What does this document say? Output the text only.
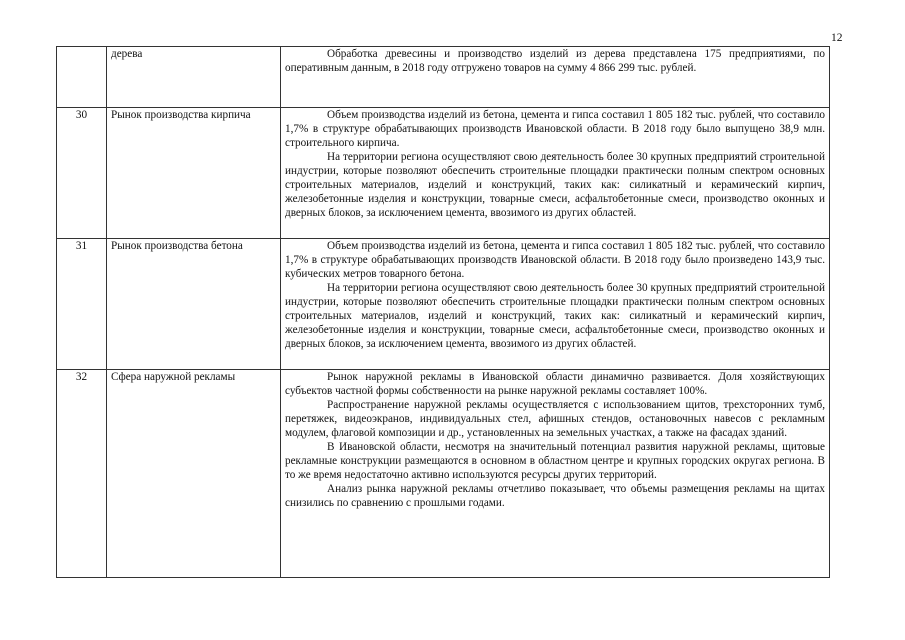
12
	дерева	Обработка древесины и производство изделий из дерева представлена 175 предприятиями, по оперативным данным, в 2018 году отгружено товаров на сумму 4 866 299 тыс. рублей.

30	Рынок производства кирпича	Объем производства изделий из бетона, цемента и гипса составил 1 805 182 тыс. рублей, что составило 1,7% в структуре обрабатывающих производств Ивановской области. В 2018 году было выпущено 38,9 млн. строительного кирпича.

На территории региона осуществляют свою деятельность более 30 крупных предприятий строительной индустрии, которые позволяют обеспечить строительные площадки практически полным спектром основных строительных материалов, изделий и конструкций, таких как: силикатный и керамический кирпич, железобетонные изделия и конструкции, товарные смеси, асфальтобетонные смеси, производство оконных и дверных блоков, за исключением цемента, ввозимого из других областей.

31	Рынок производства бетона	Объем производства изделий из бетона, цемента и гипса составил 1 805 182 тыс. рублей, что составило 1,7% в структуре обрабатывающих производств Ивановской области. В 2018 году было произведено 143,9 тыс. кубических метров товарного бетона.

На территории региона осуществляют свою деятельность более 30 крупных предприятий строительной индустрии, которые позволяют обеспечить строительные площадки практически полным спектром основных строительных материалов, изделий и конструкций, таких как: силикатный и керамический кирпич, железобетонные изделия и конструкции, товарные смеси, асфальтобетонные смеси, производство оконных и дверных блоков, за исключением цемента, ввозимого из других областей.

32	Сфера наружной рекламы	Рынок наружной рекламы в Ивановской области динамично развивается. Доля хозяйствующих субъектов частной формы собственности на рынке наружной рекламы составляет 100%.

Распространение наружной рекламы осуществляется с использованием щитов, трехсторонних тумб, перетяжек, видеоэкранов, индивидуальных стел, афишных стендов, остановочных навесов с рекламным модулем, флаговой композиции и др., установленных на земельных участках, а также на фасадах зданий.

В Ивановской области, несмотря на значительный потенциал развития наружной рекламы, щитовые рекламные конструкции размещаются в основном в областном центре и крупных городских округах региона. В то же время недостаточно активно используются ресурсы других территорий.

Анализ рынка наружной рекламы отчетливо показывает, что объемы размещения рекламы на щитах снизились по сравнению с прошлыми годами.
